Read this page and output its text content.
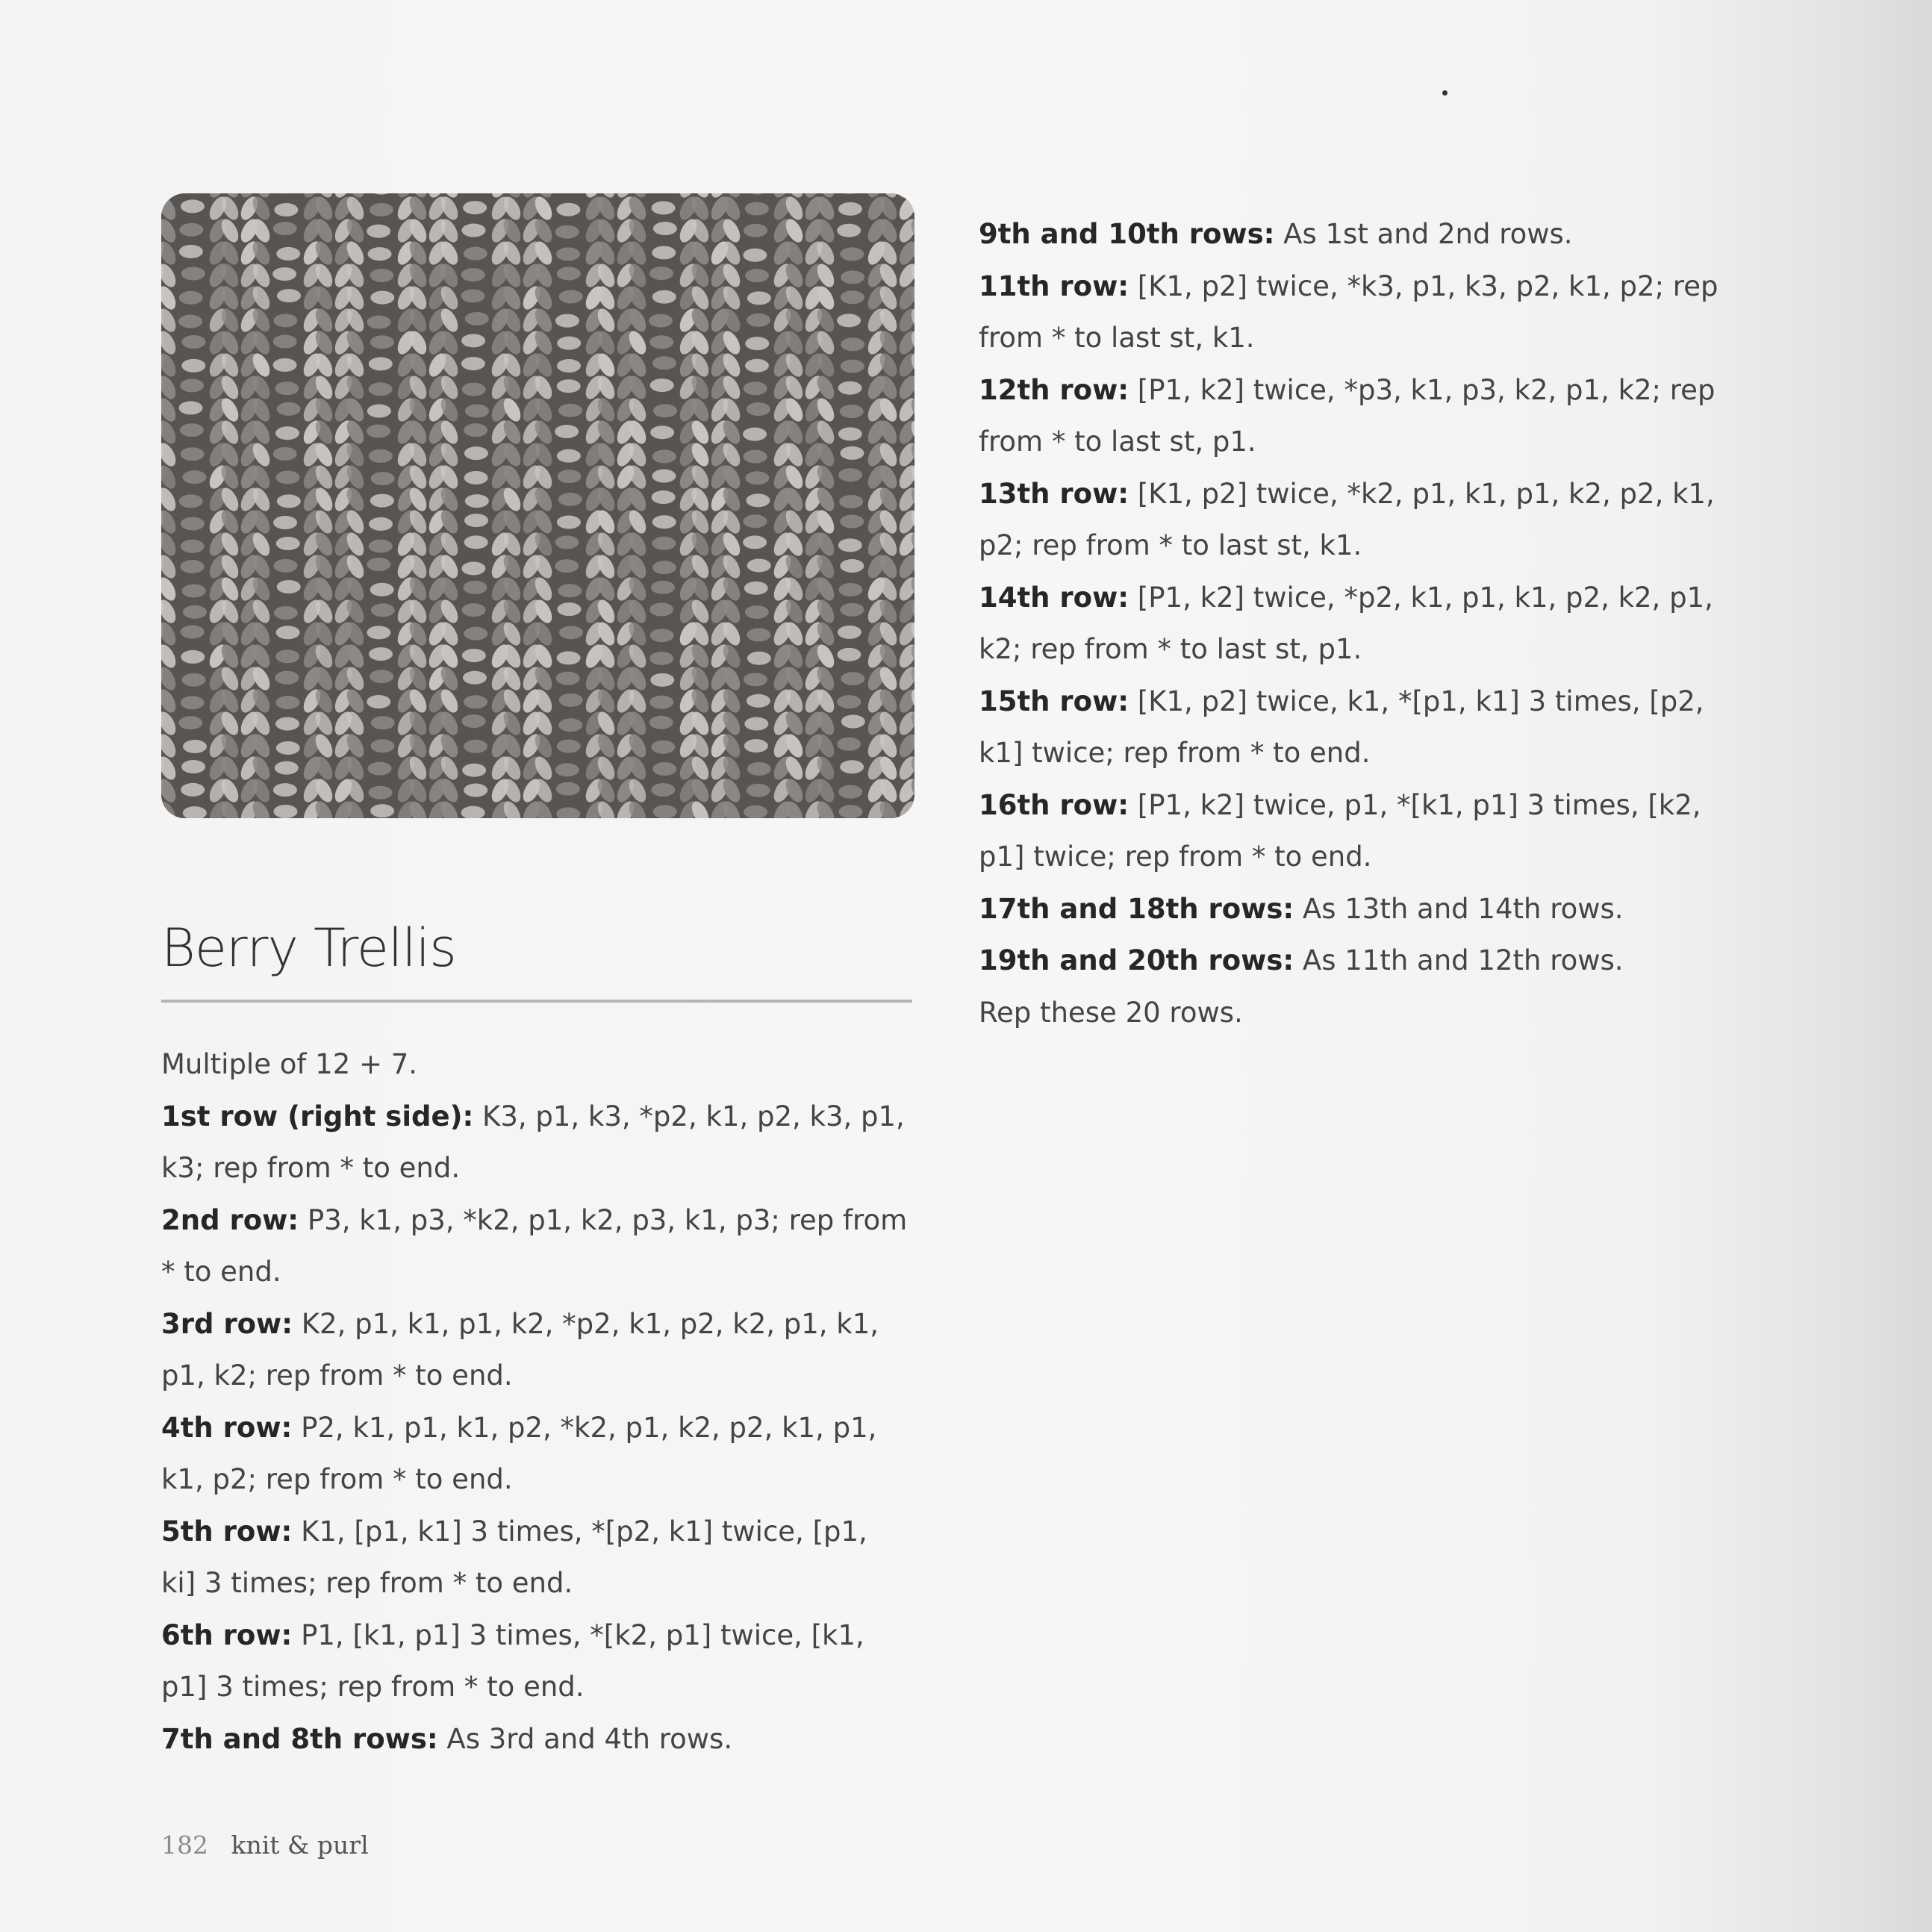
Berry Trellis

Multiple of 12 + 7.

1st row (right side): K3, p1, k3, *p2, k1, p2, k3, p1, k3; rep from * to end.

2nd row: P3, k1, p3, *k2, p1, k2, p3, k1, p3; rep from * to end.

3rd row: K2, p1, k1, p1, k2, *p2, k1, p2, k2, p1, k1, p1, k2; rep from * to end.

4th row: P2, k1, p1, k1, p2, *k2, p1, k2, p2, k1, p1, k1, p2; rep from * to end.

5th row: K1, [p1, k1] 3 times, *[p2, k1] twice, [p1, ki] 3 times; rep from * to end.

6th row: P1, [k1, p1] 3 times, *[k2, p1] twice, [k1, p1] 3 times; rep from * to end.

7th and 8th rows: As 3rd and 4th rows.

9th and 10th rows: As 1st and 2nd rows.

11th row: [K1, p2] twice, *k3, p1, k3, p2, k1, p2; rep from * to last st, k1.

12th row: [P1, k2] twice, *p3, k1, p3, k2, p1, k2; rep from * to last st, p1.

13th row: [K1, p2] twice, *k2, p1, k1, p1, k2, p2, k1, p2; rep from * to last st, k1.

14th row: [P1, k2] twice, *p2, k1, p1, k1, p2, k2, p1, k2; rep from * to last st, p1.

15th row: [K1, p2] twice, k1, *[p1, k1] 3 times, [p2, k1] twice; rep from * to end.

16th row: [P1, k2] twice, p1, *[k1, p1] 3 times, [k2, p1] twice; rep from * to end.

17th and 18th rows: As 13th and 14th rows.

19th and 20th rows: As 11th and 12th rows.

Rep these 20 rows.

182 knit & purl
